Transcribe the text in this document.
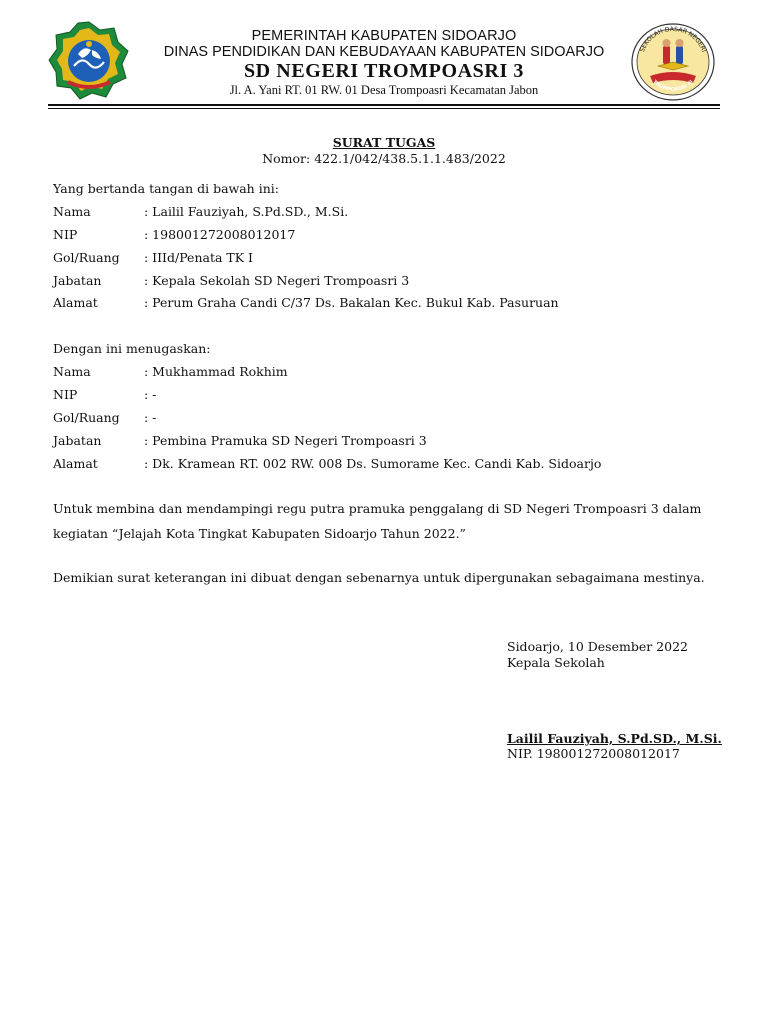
PEMERINTAH KABUPATEN SIDOARJO
DINAS PENDIDIKAN DAN KEBUDAYAAN KABUPATEN SIDOARJO
SD NEGERI TROMPOASRI 3
Jl. A. Yani RT. 01 RW. 01 Desa Trompoasri Kecamatan Jabon
SEKOLAH DASAR NEGERI
TROMPOASRI III
SURAT TUGAS
Nomor: 422.1/042/438.5.1.1.483/2022
Yang bertanda tangan di bawah ini:
Nama	: Lailil Fauziyah, S.Pd.SD., M.Si.
NIP	: 198001272008012017
Gol/Ruang : IIId/Penata TK I
Jabatan	: Kepala Sekolah SD Negeri Trompoasri 3
Alamat	: Perum Graha Candi C/37 Ds. Bakalan Kec. Bukul Kab. Pasuruan
Dengan ini menugaskan:
Nama	: Mukhammad Rokhim
NIP	: -
Gol/Ruang : -
Jabatan	: Pembina Pramuka SD Negeri Trompoasri 3
Alamat	: Dk. Kramean RT. 002 RW. 008 Ds. Sumorame Kec. Candi Kab. Sidoarjo
Untuk membina dan mendampingi regu putra pramuka penggalang di SD Negeri Trompoasri 3 dalam kegiatan “Jelajah Kota Tingkat Kabupaten Sidoarjo Tahun 2022.”
Demikian surat keterangan ini dibuat dengan sebenarnya untuk dipergunakan sebagaimana mestinya.
Sidoarjo, 10 Desember 2022
Kepala Sekolah
Lailil Fauziyah, S.Pd.SD., M.Si.
NIP. 198001272008012017
